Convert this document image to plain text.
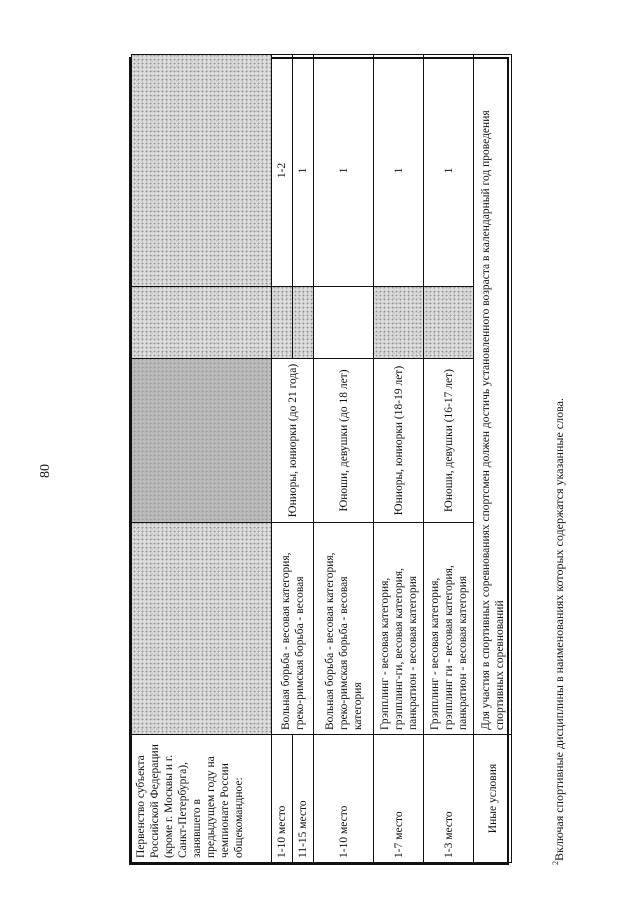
80
Первенство субъекта Российской Федерации (кроме г. Москвы и г. Санкт-Петербурга), занявшего в предыдущем году на чемпионате России общекомандное:				
1-10 место	Вольная борьба - весовая категория, греко-римская борьба - весовая	Юниоры, юниорки (до 21 года)		1-2
11-15 место				1
1-10 место	Вольная борьба - весовая категория, греко-римская борьба - весовая категория	Юноши, девушки (до 18 лет)		1
1-7 место	Грэпплинг - весовая категория, грэпплинг-ги, весовая категория, панкратион - весовая категория	Юниоры, юниорки (18-19 лет)		1
1-3 место	Грэпплинг - весовая категория, грэпплинг ги - весовая категория, панкратион - весовая категория	Юноши, девушки (16-17 лет)		1
Иные условия	Для участия в спортивных соревнованиях спортсмен должен достичь установленного возраста в календарный год проведения спортивных соревнований			
$^2$Включая спортивные дисциплины в наименованиях которых содержатся указанные слова.
